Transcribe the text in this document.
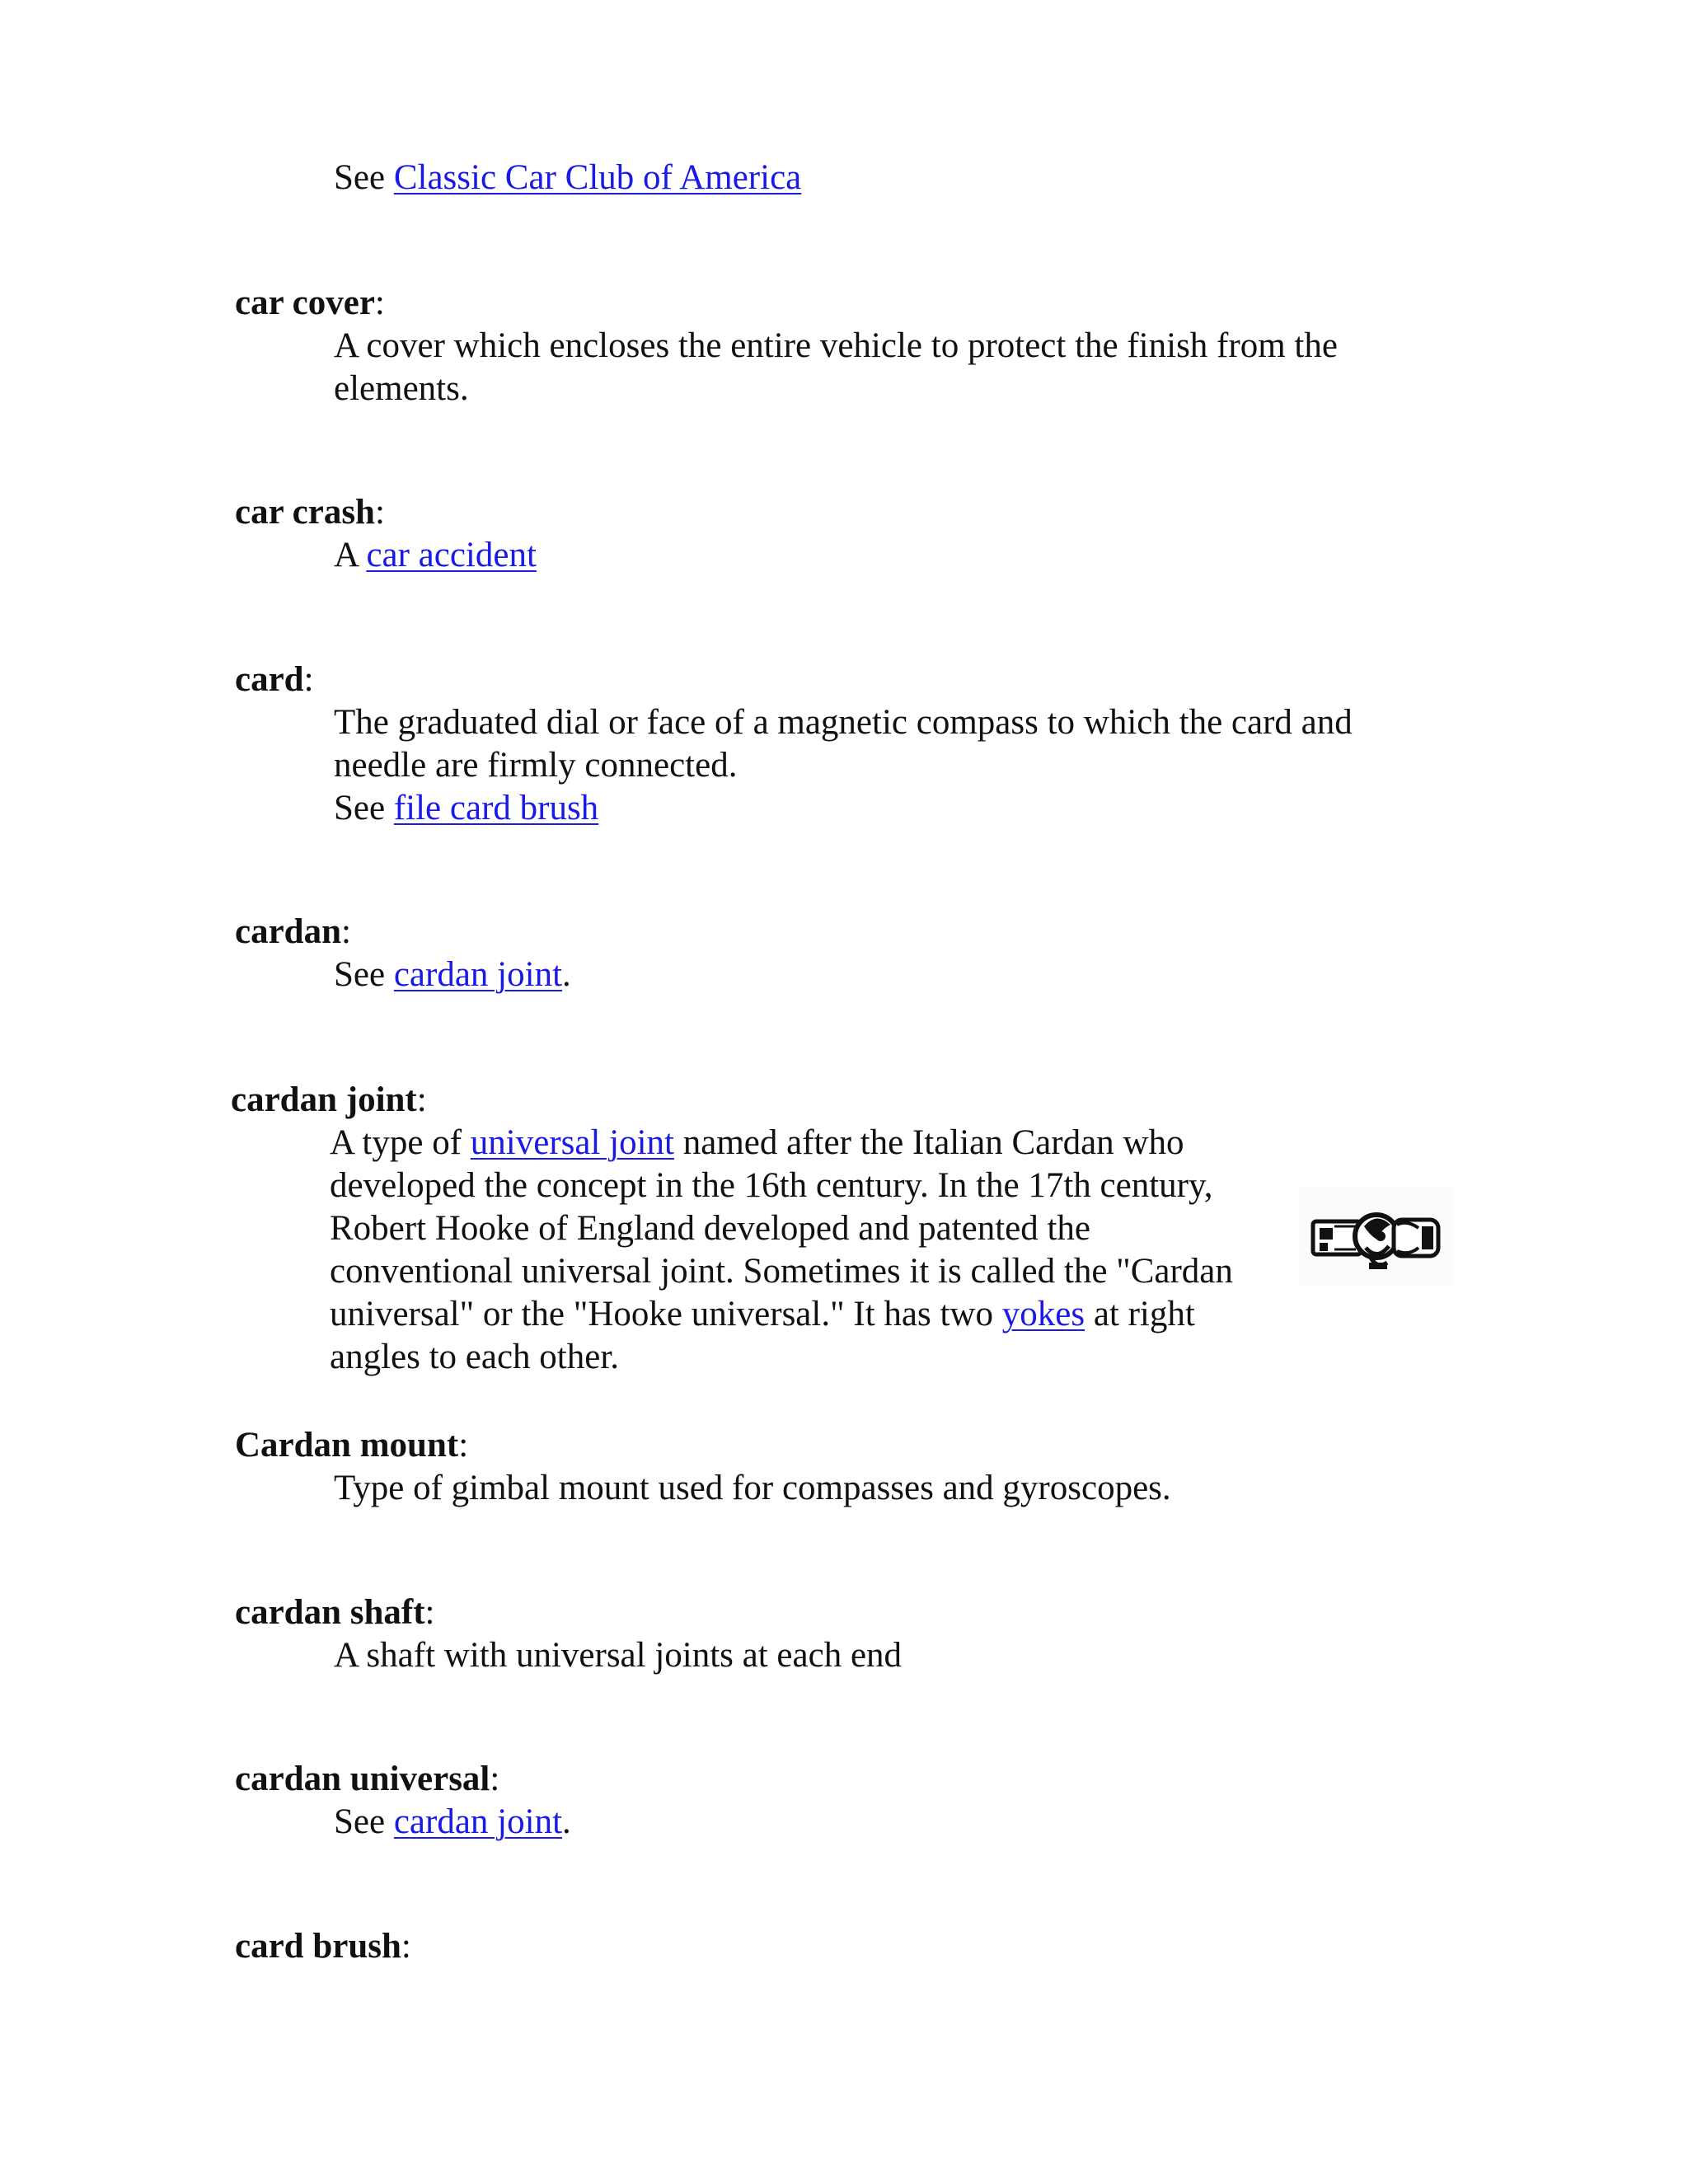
See Classic Car Club of America
car cover:
A cover which encloses the entire vehicle to protect the finish from the
elements.
car crash:
A car accident
card:
The graduated dial or face of a magnetic compass to which the card and
needle are firmly connected.
See file card brush
cardan:
See cardan joint.
cardan joint:
A type of universal joint named after the Italian Cardan who
developed the concept in the 16th century. In the 17th century,
Robert Hooke of England developed and patented the
conventional universal joint. Sometimes it is called the "Cardan
universal" or the "Hooke universal." It has two yokes at right
angles to each other.
Cardan mount:
Type of gimbal mount used for compasses and gyroscopes.
cardan shaft:
A shaft with universal joints at each end
cardan universal:
See cardan joint.
card brush:
